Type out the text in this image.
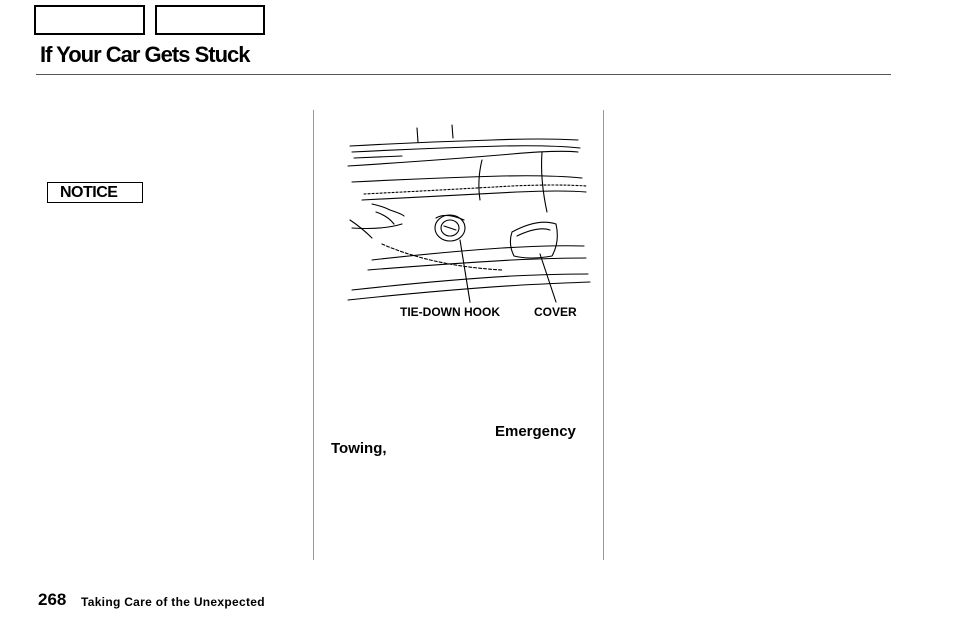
If Your Car Gets Stuck
NOTICE
TIE-DOWN HOOK	COVER
Emergency
Towing,
268 Taking Care of the Unexpected
